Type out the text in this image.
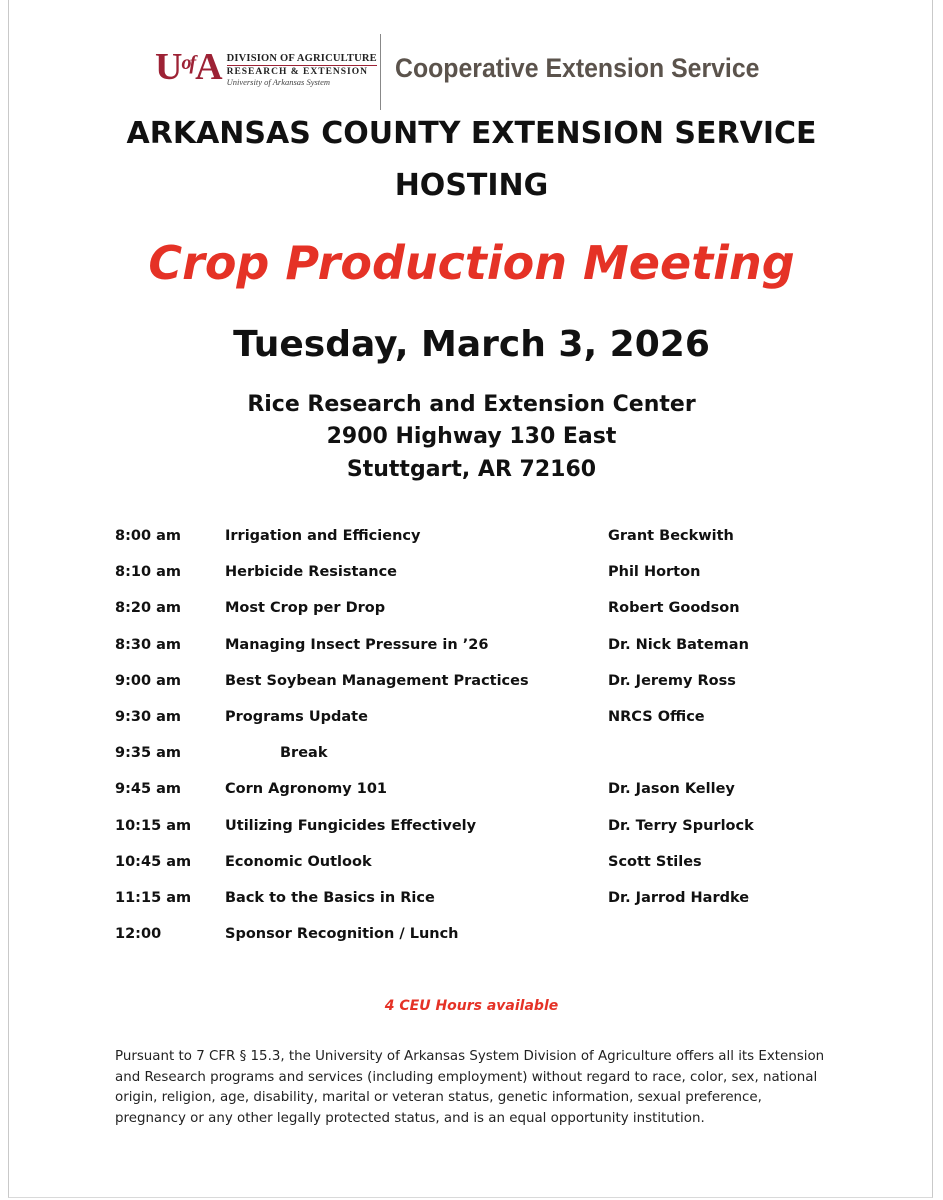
U of A DIVISION OF AGRICULTURE
RESEARCH & EXTENSION
University of Arkansas System	Cooperative Extension Service
ARKANSAS COUNTY EXTENSION SERVICE
HOSTING
Crop Production Meeting
Tuesday, March 3, 2026
Rice Research and Extension Center
2900 Highway 130 East
Stuttgart, AR 72160
8:00 am	Irrigation and Efficiency	Grant Beckwith
8:10 am	Herbicide Resistance	Phil Horton
8:20 am	Most Crop per Drop	Robert Goodson
8:30 am	Managing Insect Pressure in ’26	Dr. Nick Bateman
9:00 am	Best Soybean Management Practices	Dr. Jeremy Ross
9:30 am	Programs Update	NRCS Office
9:35 am	Break
9:45 am	Corn Agronomy 101	Dr. Jason Kelley
10:15 am Utilizing Fungicides Effectively	Dr. Terry Spurlock
10:45 am Economic Outlook	Scott Stiles
11:15 am Back to the Basics in Rice	Dr. Jarrod Hardke
12:00	Sponsor Recognition / Lunch
4 CEU Hours available
Pursuant to 7 CFR § 15.3, the University of Arkansas System Division of Agriculture offers all its Extension and Research programs and services (including employment) without regard to race, color, sex, national origin, religion, age, disability, marital or veteran status, genetic information, sexual preference, pregnancy or any other legally protected status, and is an equal opportunity institution.
